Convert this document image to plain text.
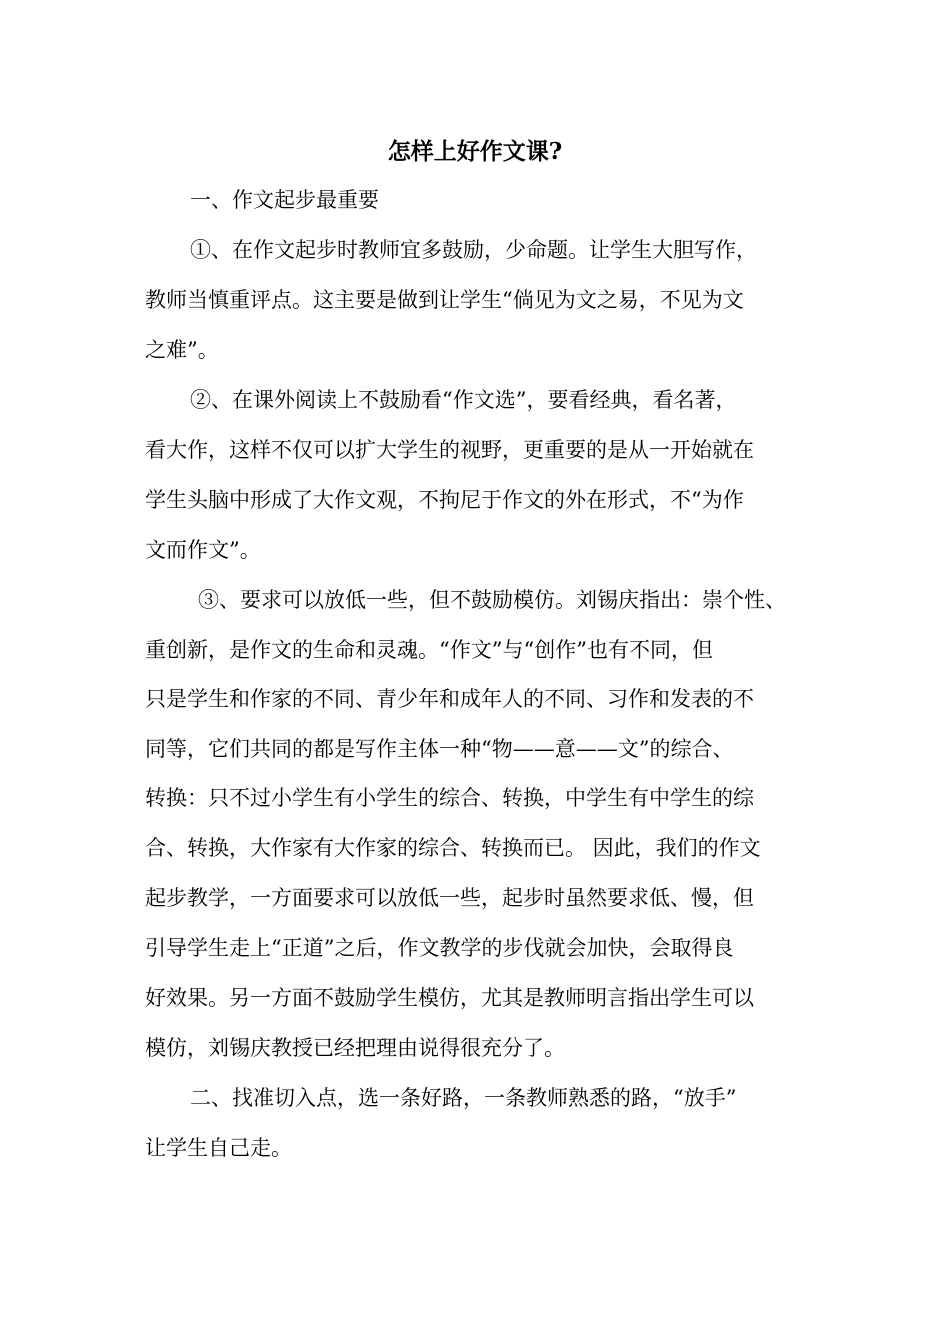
怎样上好作文课?
一、作文起步最重要
①、在作文起步时教师宜多鼓励，少命题。让学生大胆写作，
教师当慎重评点。这主要是做到让学生“倘见为文之易，不见为文
之难”。
②、在课外阅读上不鼓励看“作文选”，要看经典，看名著，
看大作，这样不仅可以扩大学生的视野，更重要的是从一开始就在
学生头脑中形成了大作文观，不拘尼于作文的外在形式，不“为作
文而作文”。
③、要求可以放低一些，但不鼓励模仿。刘锡庆指出：崇个性、
重创新，是作文的生命和灵魂。“作文”与“创作”也有不同，但
只是学生和作家的不同、青少年和成年人的不同、习作和发表的不
同等，它们共同的都是写作主体一种“物——意——文”的综合、
转换：只不过小学生有小学生的综合、转换，中学生有中学生的综
合、转换，大作家有大作家的综合、转换而已。 因此，我们的作文
起步教学，一方面要求可以放低一些，起步时虽然要求低、慢，但
引导学生走上“正道”之后，作文教学的步伐就会加快，会取得良
好效果。另一方面不鼓励学生模仿，尤其是教师明言指出学生可以
模仿，刘锡庆教授已经把理由说得很充分了。
二、找准切入点，选一条好路，一条教师熟悉的路，“放手”
让学生自己走。
